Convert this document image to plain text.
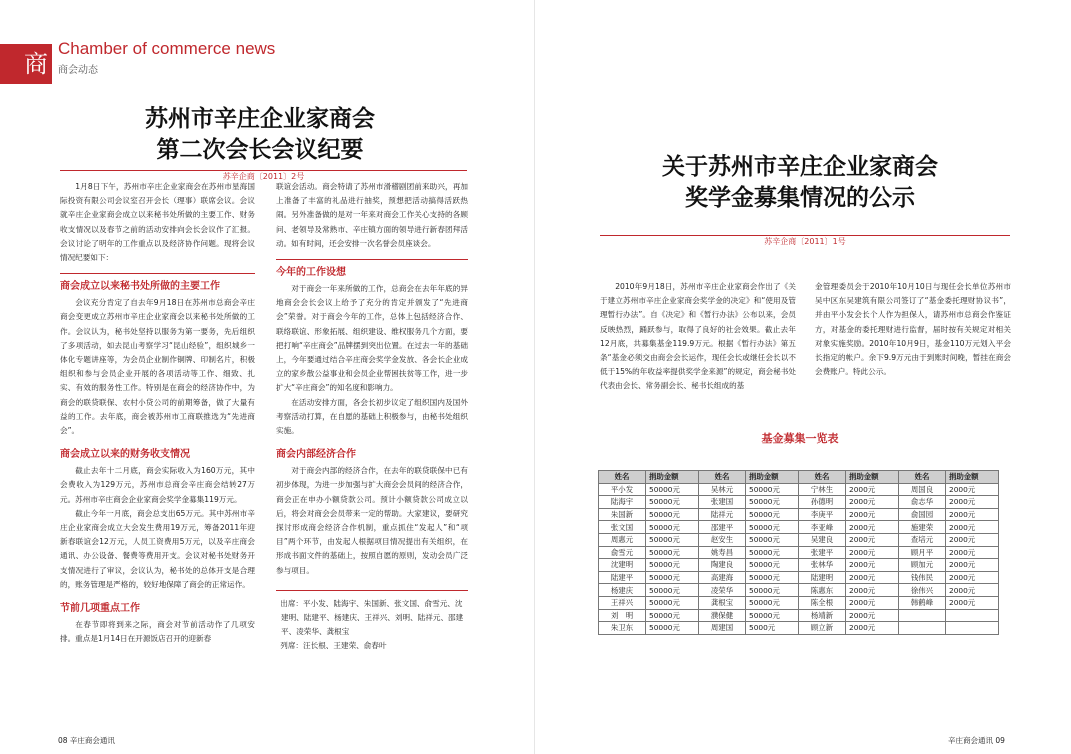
商
Chamber of commerce news
商会动态
苏州市辛庄企业家商会
第二次会长会议纪要
苏辛企商〔2011〕2号

1月8日下午，苏州市辛庄企业家商会在苏州市星海国际投资有限公司会议室召开会长（理事）联席会议。会议就辛庄企业家商会成立以来秘书处所做的主要工作、财务收支情况以及春节之前的活动安排向会长会议作了汇报。会议讨论了明年的工作重点以及经济协作问题。现将会议情况纪要如下：

商会成立以来秘书处所做的主要工作

会议充分肯定了自去年9月18日在苏州市总商会辛庄商会变更成立苏州市辛庄企业家商会以来秘书处所做的工作。会议认为，秘书处坚持以服务为第一要务，先后组织了多项活动，如去昆山考察学习“昆山经验”，组织城乡一体化专题讲座等，为会员企业制作铜牌、印制名片，积极组织和参与会员企业开展的各项活动等工作、细致、扎实、有效的服务性工作。特别是在商会的经济协作中，为商会的联贷联保、农村小贷公司的前期筹备，做了大量有益的工作。去年底，商会被苏州市工商联推选为“先进商会”。

商会成立以来的财务收支情况

截止去年十二月底，商会实际收入为160万元，其中会费收入为129万元，苏州市总商会辛庄商会结转27万元。苏州市辛庄商会企业家商会奖学金募集119万元。

截止今年一月底，商会总支出65万元。其中苏州市辛庄企业家商会成立大会发生费用19万元，筹备2011年迎新春联谊会12万元，人员工资费用5万元，以及辛庄商会通讯、办公设备、餐费等费用开支。会议对秘书处财务开支情况进行了审议，会议认为，秘书处的总体开支是合理的，账务管理是严格的，较好地保障了商会的正常运作。

节前几项重点工作

在春节即将到来之际，商会对节前活动作了几项安排。重点是1月14日在开源饭店召开的迎新春

联谊会活动。商会特请了苏州市滑稽剧团前来助兴，再加上准备了丰富的礼品进行抽奖，预想把活动搞得活跃热闹。另外准备做的是对一年来对商会工作关心支持的各顾问、老领导及常熟市、辛庄镇方面的领导进行新春团拜活动。如有时间，还会安排一次名誉会员座谈会。

今年的工作设想

对于商会一年来所做的工作，总商会在去年年底的异地商会会长会议上给予了充分的肯定并颁发了“先进商会”荣誉。对于商会今年的工作，总体上包括经济合作、联络联谊、形象拓展、组织建设、维权服务几个方面，要把打响“辛庄商会”品牌摆到突出位置。在过去一年的基础上，今年要通过结合辛庄商会奖学金发放、各会长企业成立的家乡散公益事业和会员企业帮困扶贫等工作，进一步扩大“辛庄商会”的知名度和影响力。

在活动安排方面，各会长初步议定了组织国内及国外考察活动打算，在自愿的基础上积极参与，由秘书处组织实施。

商会内部经济合作

对于商会内部的经济合作，在去年的联贷联保中已有初步体现，为进一步加强与扩大商会会员间的经济合作，商会正在申办小额贷款公司。预计小额贷款公司成立以后，将会对商会会员带来一定的帮助。大家建议，要研究探讨形成商会经济合作机制，重点抓住“发起人”和“项目”两个环节，由发起人根据项目情况提出有关组织，在形成书面文件的基础上，按照自愿的原则，发动会员广泛参与项目。

出席：平小发、陆海宇、朱国新、张文国、俞雪元、沈建明、陆建平、杨建庆、王祥兴、刘明、陆祥元、邵建平、凌荣华、龚根宝

列席：汪长根、王建荣、俞春叶

关于苏州市辛庄企业家商会
奖学金募集情况的公示
苏辛企商〔2011〕1号

2010年9月18日，苏州市辛庄企业家商会作出了《关于建立苏州市辛庄企业家商会奖学金的决定》和“使用及管理暂行办法”。自《决定》和《暂行办法》公布以来，会员反映热烈，踊跃参与，取得了良好的社会效果。截止去年12月底，共募集基金119.9万元。根据《暂行办法》第五条“基金必须交由商会会长运作，现任会长或继任会长以不低于15%的年收益率提供奖学金来源”的规定，商会秘书处代表由会长、常务副会长、秘书长组成的基

金管理委员会于2010年10月10日与现任会长单位苏州市吴中区东吴建筑有限公司签订了“基金委托理财协议书”，并由平小发会长个人作为担保人，请苏州市总商会作鉴证方，对基金的委托理财进行监督，届时按有关规定对相关对象实施奖励。2010年10月9日，基金110万元划入平会长指定的帐户。余下9.9万元由于到账时间晚，暂挂在商会会费账户。特此公示。

基金募集一览表
姓名	捐助金额	姓名	捐助金额	姓名	捐助金额	姓名	捐助金额
平小发	50000元	吴林元	50000元	宁林生	2000元	周国良	2000元
陆海宇	50000元	张建国	50000元	孙德明	2000元	俞志华	2000元
朱国新	50000元	陆祥元	50000元	李庚平	2000元	俞国园	2000元
张文国	50000元	邵建平	50000元	李亚峰	2000元	施建荣	2000元
周惠元	50000元	赵安生	50000元	吴建良	2000元	查培元	2000元
俞雪元	50000元	姚寿昌	50000元	张建平	2000元	顾月平	2000元
沈建明	50000元	陶建良	50000元	张林华	2000元	顾加元	2000元
陆建平	50000元	高建海	50000元	陆建明	2000元	钱伟民	2000元
杨建庆	50000元	凌荣华	50000元	陈惠东	2000元	徐伟兴	2000元
王祥兴	50000元	龚根宝	50000元	陈全根	2000元	韩鹤峰	2000元
刘　明	50000元	濮保健	50000元	杨靖新	2000元		
朱卫东	50000元	周建国	5000元	顾立新	2000元		
08 辛庄商会通讯	辛庄商会通讯 09
